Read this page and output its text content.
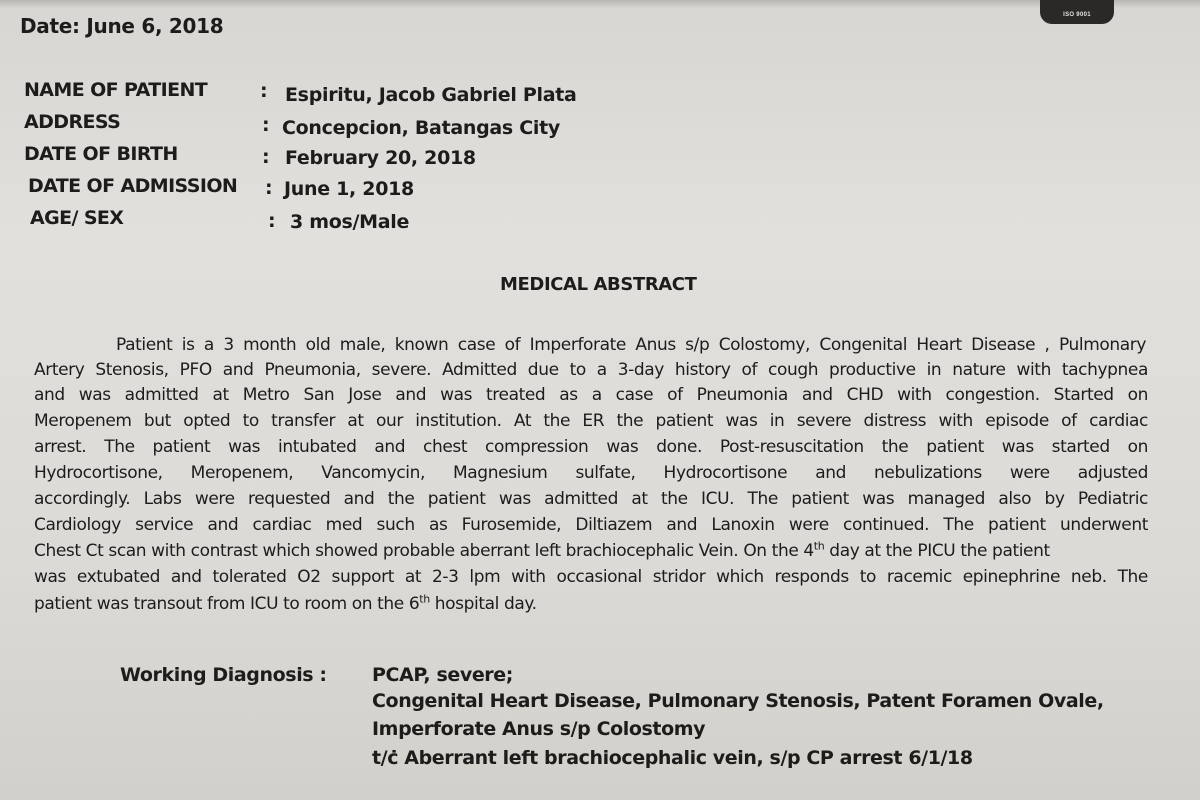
ISO 9001
Date: June 6, 2018
NAME OF PATIENT	: Espiritu, Jacob Gabriel Plata
ADDRESS	: Concepcion, Batangas City
DATE OF BIRTH	: February 20, 2018
DATE OF ADMISSION : June 1, 2018
AGE/ SEX	: 3 mos/Male
MEDICAL ABSTRACT
Patient is a 3 month old male, known case of Imperforate Anus s/p Colostomy, Congenital Heart Disease , Pulmonary
Artery Stenosis, PFO and Pneumonia, severe. Admitted due to a 3-day history of cough productive in nature with tachypnea
and was admitted at Metro San Jose and was treated as a case of Pneumonia and CHD with congestion. Started on
Meropenem but opted to transfer at our institution. At the ER the patient was in severe distress with episode of cardiac
arrest. The patient was intubated and chest compression was done. Post-resuscitation the patient was started on
Hydrocortisone, Meropenem, Vancomycin, Magnesium sulfate, Hydrocortisone and nebulizations were adjusted
accordingly. Labs were requested and the patient was admitted at the ICU. The patient was managed also by Pediatric
Cardiology service and cardiac med such as Furosemide, Diltiazem and Lanoxin were continued. The patient underwent
Chest Ct scan with contrast which showed probable aberrant left brachiocephalic Vein. On the 4th day at the PICU the patient
was extubated and tolerated O2 support at 2-3 lpm with occasional stridor which responds to racemic epinephrine neb. The
patient was transout from ICU to room on the 6th hospital day.
Working Diagnosis : PCAP, severe;
Congenital Heart Disease, Pulmonary Stenosis, Patent Foramen Ovale,
Imperforate Anus s/p Colostomy
t/ċ Aberrant left brachiocephalic vein, s/p CP arrest 6/1/18
